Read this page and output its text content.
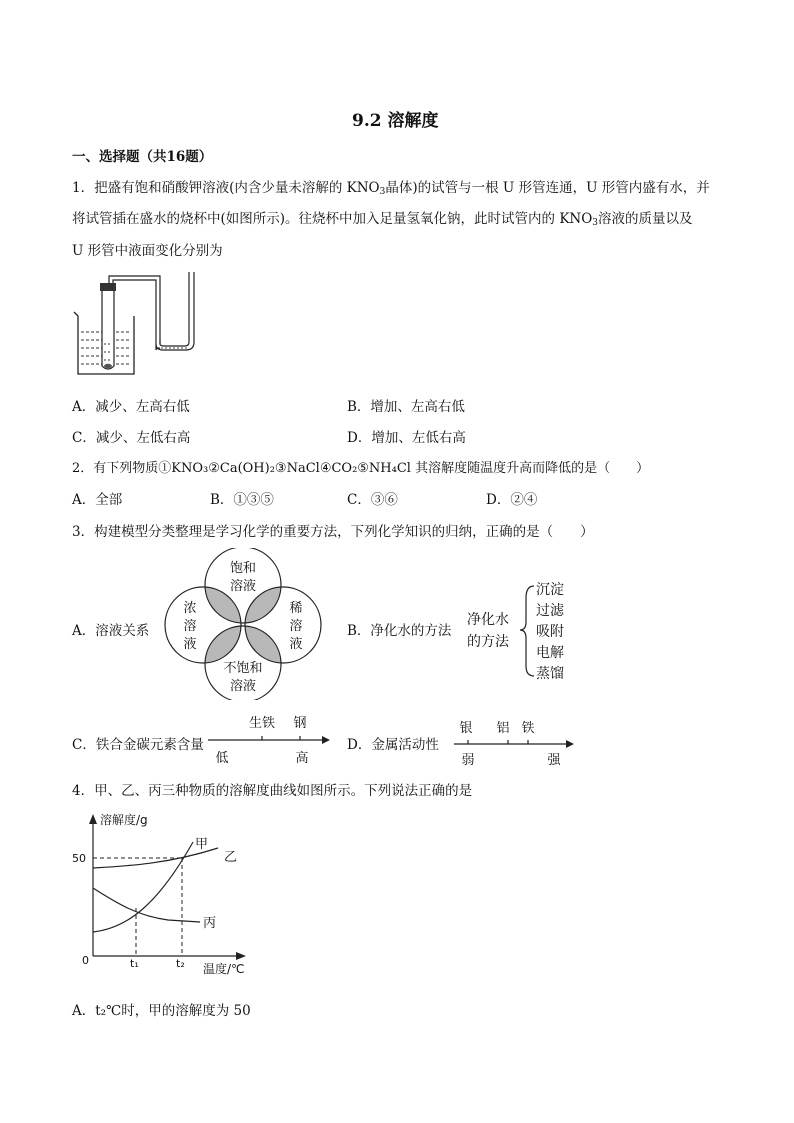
9.2 溶解度
一、选择题（共16题）
1．把盛有饱和硝酸钾溶液(内含少量未溶解的 $KNO_3$晶体)的试管与一根 U 形管连通，U 形管内盛有水，并
将试管插在盛水的烧杯中(如图所示)。往烧杯中加入足量氢氧化钠，此时试管内的 $KNO_3$溶液的质量以及
U 形管中液面变化分别为
A．减少、左高右低	B．增加、左高右低
C．减少、左低右高	D．增加、左低右高
2．有下列物质①KNO₃②Ca(OH)₂③NaCl④CO₂⑤NH₄Cl 其溶解度随温度升高而降低的是（　　）
A．全部	B．①③⑤	C．③⑥	D．②④
3．构建模型分类整理是学习化学的重要方法，下列化学知识的归纳，正确的是（　　）
A．溶液关系
饱和
溶液
浓
溶
液
稀
溶
液
不饱和
溶液
B．净化水的方法
净化水
的方法
沉淀
过滤
吸附
电解
蒸馏
C．铁合金碳元素含量
生铁 钢
低	高
D．金属活动性
银 铝 铁
弱	强
4．甲、乙、丙三种物质的溶解度曲线如图所示。下列说法正确的是
溶解度/g
温度/℃
0
50
t₁	t₂
甲
乙
丙
A．t₂℃时，甲的溶解度为 50
